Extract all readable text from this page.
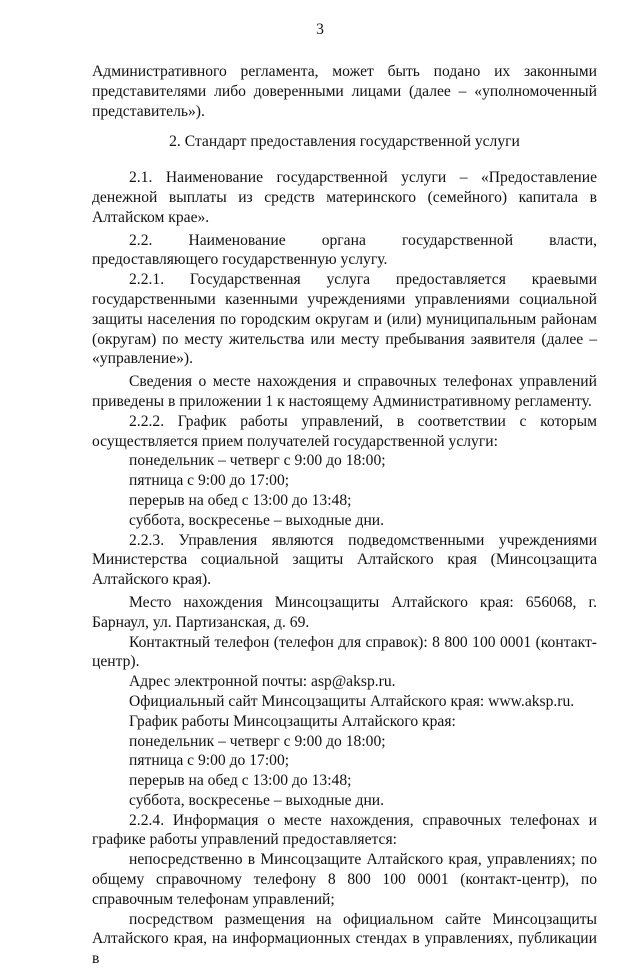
3
Административного регламента, может быть подано их законными представителями либо доверенными лицами (далее – «уполномоченный представитель»).
2. Стандарт предоставления государственной услуги
2.1. Наименование государственной услуги – «Предоставление денежной выплаты из средств материнского (семейного) капитала в Алтайском крае».
2.2. Наименование органа государственной власти, предоставляющего государственную услугу.
2.2.1. Государственная услуга предоставляется краевыми государственными казенными учреждениями управлениями социальной защиты населения по городским округам и (или) муниципальным районам (округам) по месту жительства или месту пребывания заявителя (далее – «управление»).
Сведения о месте нахождения и справочных телефонах управлений приведены в приложении 1 к настоящему Административному регламенту.
2.2.2. График работы управлений, в соответствии с которым осуществляется прием получателей государственной услуги:
понедельник – четверг с 9:00 до 18:00;
пятница с 9:00 до 17:00;
перерыв на обед с 13:00 до 13:48;
суббота, воскресенье – выходные дни.
2.2.3. Управления являются подведомственными учреждениями Министерства социальной защиты Алтайского края (Минсоцзащита Алтайского края).
Место нахождения Минсоцзащиты Алтайского края: 656068, г. Барнаул, ул. Партизанская, д. 69.
Контактный телефон (телефон для справок): 8 800 100 0001 (контакт-центр).
Адрес электронной почты: asp@aksp.ru.
Официальный сайт Минсоцзащиты Алтайского края: www.aksp.ru.
График работы Минсоцзащиты Алтайского края:
понедельник – четверг с 9:00 до 18:00;
пятница с 9:00 до 17:00;
перерыв на обед с 13:00 до 13:48;
суббота, воскресенье – выходные дни.
2.2.4. Информация о месте нахождения, справочных телефонах и графике работы управлений предоставляется:
непосредственно в Минсоцзащите Алтайского края, управлениях; по общему справочному телефону 8 800 100 0001 (контакт-центр), по справочным телефонам управлений;
посредством размещения на официальном сайте Минсоцзащиты Алтайского края, на информационных стендах в управлениях, публикации в
